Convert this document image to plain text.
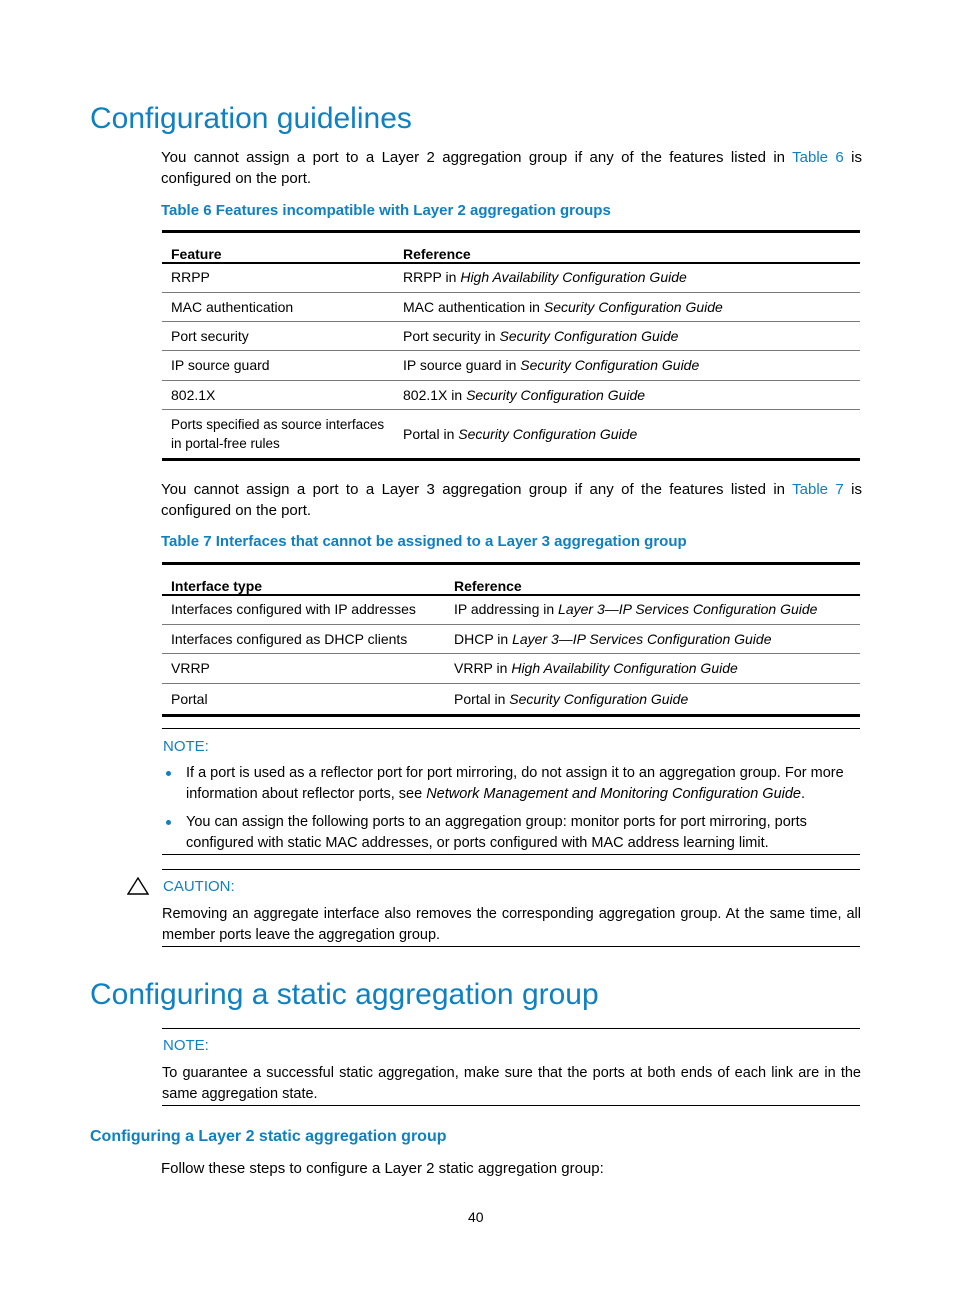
Configuration guidelines
You cannot assign a port to a Layer 2 aggregation group if any of the features listed in Table 6 is configured on the port.
Table 6 Features incompatible with Layer 2 aggregation groups
Feature	Reference
RRPP	RRPP in High Availability Configuration Guide
MAC authentication	MAC authentication in Security Configuration Guide
Port security	Port security in Security Configuration Guide
IP source guard	IP source guard in Security Configuration Guide
802.1X	802.1X in Security Configuration Guide
Ports specified as source interfaces
in portal-free rules	Portal in Security Configuration Guide
You cannot assign a port to a Layer 3 aggregation group if any of the features listed in Table 7 is configured on the port.
Table 7 Interfaces that cannot be assigned to a Layer 3 aggregation group
Interface type	Reference
Interfaces configured with IP addresses	IP addressing in Layer 3—IP Services Configuration Guide
Interfaces configured as DHCP clients	DHCP in Layer 3—IP Services Configuration Guide
VRRP	VRRP in High Availability Configuration Guide
Portal	Portal in Security Configuration Guide
NOTE:
If a port is used as a reflector port for port mirroring, do not assign it to an aggregation group. For more information about reflector ports, see Network Management and Monitoring Configuration Guide.
You can assign the following ports to an aggregation group: monitor ports for port mirroring, ports configured with static MAC addresses, or ports configured with MAC address learning limit.
CAUTION:
Removing an aggregate interface also removes the corresponding aggregation group. At the same time, all member ports leave the aggregation group.
Configuring a static aggregation group
NOTE:
To guarantee a successful static aggregation, make sure that the ports at both ends of each link are in the same aggregation state.
Configuring a Layer 2 static aggregation group
Follow these steps to configure a Layer 2 static aggregation group:
40
